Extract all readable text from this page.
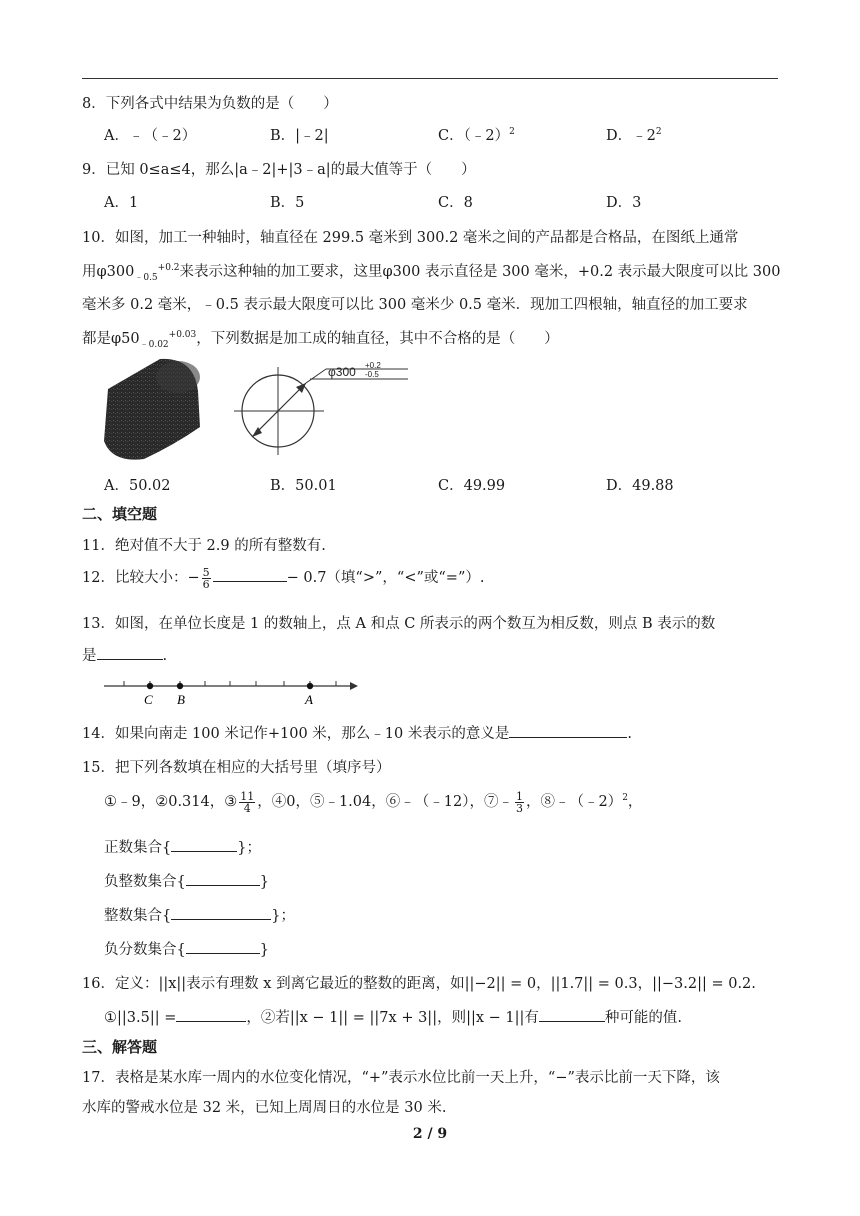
8．下列各式中结果为负数的是（　　）
A．﹣（﹣2）	B．|﹣2|	C．（﹣2）$^2$	D．$﹣2^2$
9．已知 0≤a≤4，那么|a﹣2|+|3﹣a|的最大值等于（　　）
A．1	B．5	C．8	D．3
10．如图，加工一种轴时，轴直径在 299.5 毫米到 300.2 毫米之间的产品都是合格品，在图纸上通常
用$\varphi 300_{﹣0.5}^{+0.2}$来表示这种轴的加工要求，这里φ300 表示直径是 300 毫米，+0.2 表示最大限度可以比 300
毫米多 0.2 毫米，﹣0.5 表示最大限度可以比 300 毫米少 0.5 毫米．现加工四根轴，轴直径的加工要求
都是$\varphi 50_{﹣0.02}^{+0.03}$，下列数据是加工成的轴直径，其中不合格的是（　　）
φ300 +0.2
-0.5
A．50.02	B．50.01	C．49.99	D．49.88
二、填空题
11．绝对值不大于 2.9 的所有整数有.
12．比较大小：− $\frac{5}{6}$	− 0.7（填“>”，“<”或“=”）.
13．如图，在单位长度是 1 的数轴上，点 A 和点 C 所表示的两个数互为相反数，则点 B 表示的数
是	.
C B	A
14．如果向南走 100 米记作+100 米，那么﹣10 米表示的意义是	.
15．把下列各数填在相应的大括号里（填序号）
①﹣9，②0.314，③ $\frac{11}{4}$ ，④0，⑤﹣1.04，⑥﹣（﹣12），⑦﹣ $\frac{1}{3}$ ，⑧﹣（﹣2）$^2$，
正数集合{	}；
负整数集合{	}
整数集合{	}；
负分数集合{	}
16．定义：||x||表示有理数 x 到离它最近的整数的距离，如||−2|| = 0，||1.7|| = 0.3，||−3.2|| = 0.2.
①||3.5|| =	，②若||x − 1|| = ||7x + 3||，则||x − 1||有	种可能的值.
三、解答题
17．表格是某水库一周内的水位变化情况，“+”表示水位比前一天上升，“−”表示比前一天下降，该
水库的警戒水位是 32 米，已知上周周日的水位是 30 米.
2 / 9
